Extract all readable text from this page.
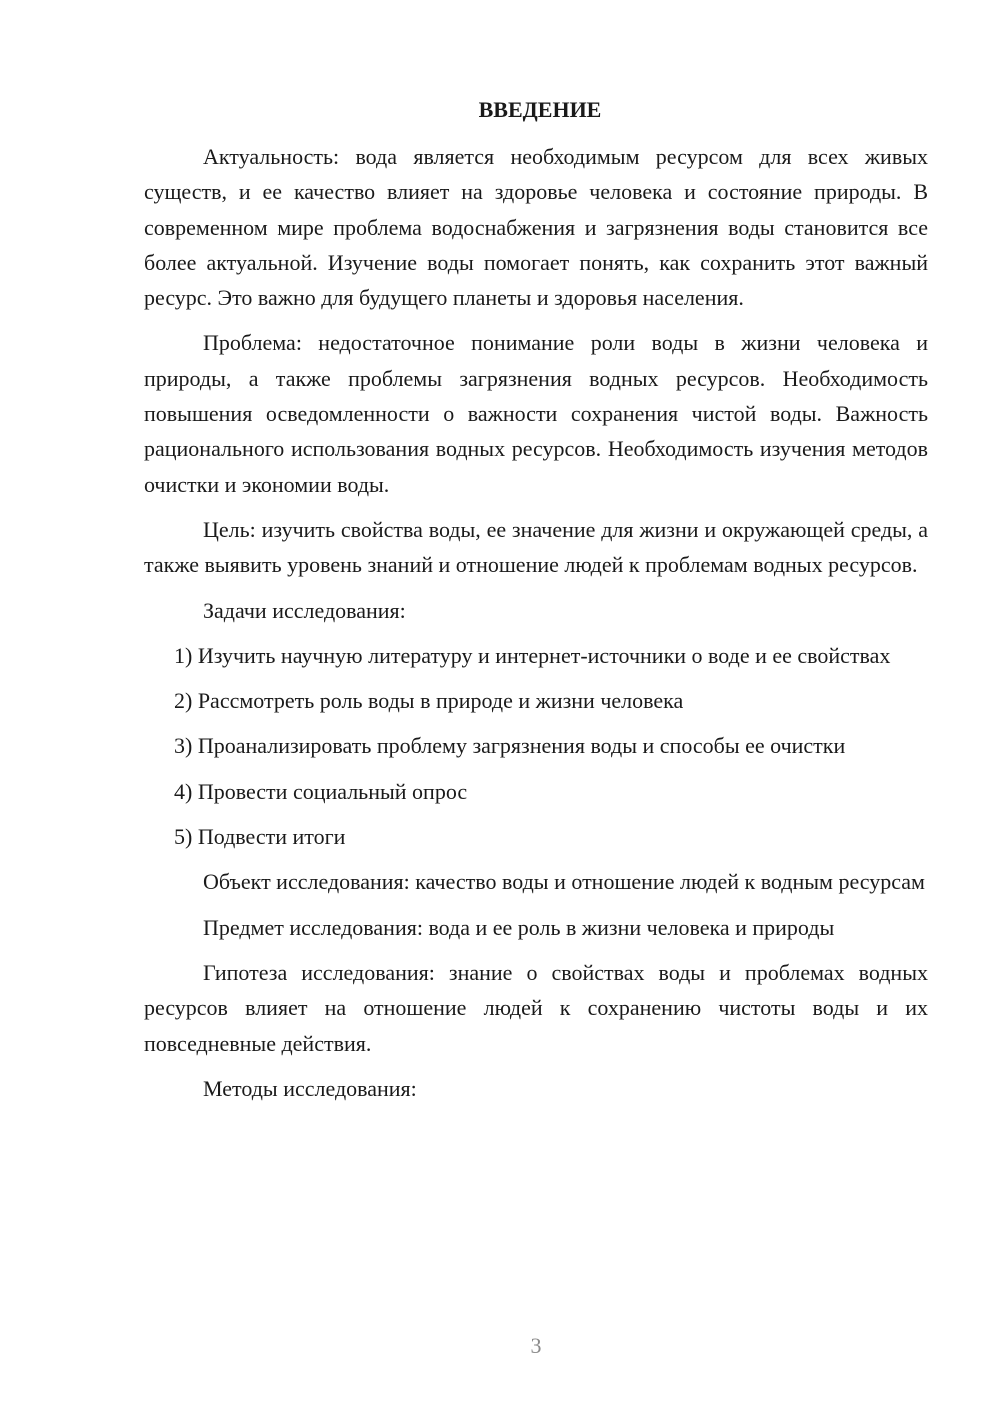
ВВЕДЕНИЕ

Актуальность: вода является необходимым ресурсом для всех живых существ, и ее качество влияет на здоровье человека и состояние природы. В современном мире проблема водоснабжения и загрязнения воды становится все более актуальной. Изучение воды помогает понять, как сохранить этот важный ресурс. Это важно для будущего планеты и здоровья населения.

Проблема: недостаточное понимание роли воды в жизни человека и природы, а также проблемы загрязнения водных ресурсов. Необходимость повышения осведомленности о важности сохранения чистой воды. Важность рационального использования водных ресурсов. Необходимость изучения методов очистки и экономии воды.

Цель: изучить свойства воды, ее значение для жизни и окружающей среды, а также выявить уровень знаний и отношение людей к проблемам водных ресурсов.

Задачи исследования:

1) Изучить научную литературу и интернет-источники о воде и ее свойствах

2) Рассмотреть роль воды в природе и жизни человека

3) Проанализировать проблему загрязнения воды и способы ее очистки

4) Провести социальный опрос

5) Подвести итоги

Объект исследования: качество воды и отношение людей к водным ресурсам

Предмет исследования: вода и ее роль в жизни человека и природы

Гипотеза исследования: знание о свойствах воды и проблемах водных ресурсов влияет на отношение людей к сохранению чистоты воды и их повседневные действия.

Методы исследования:

3
